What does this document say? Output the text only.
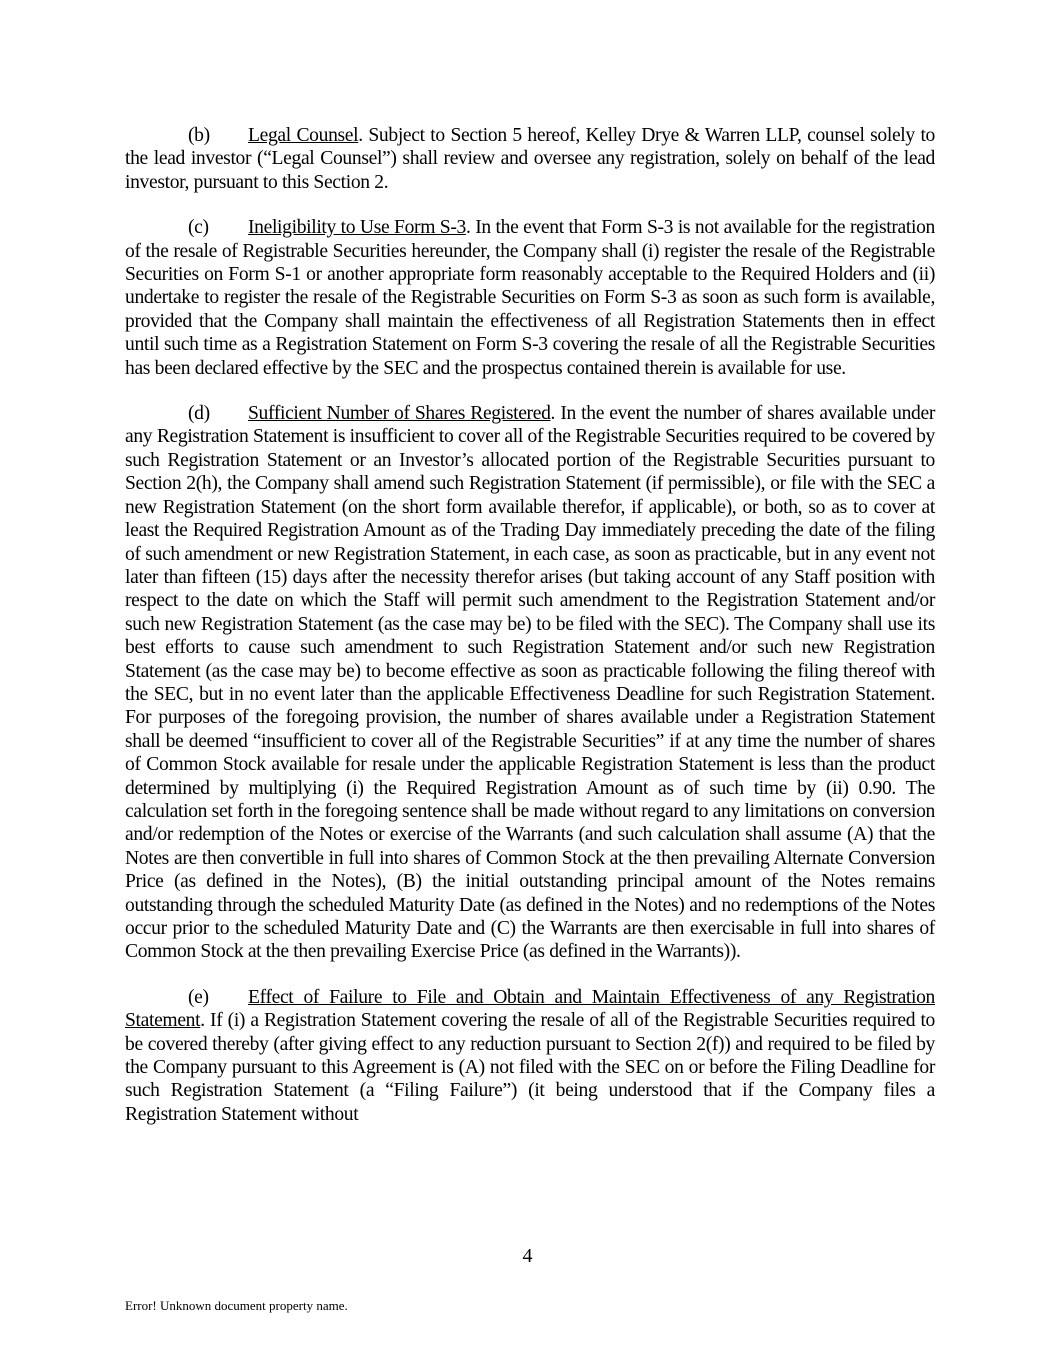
(b) Legal Counsel. Subject to Section 5 hereof, Kelley Drye & Warren LLP, counsel solely to the lead investor (“Legal Counsel”) shall review and oversee any registration, solely on behalf of the lead investor, pursuant to this Section 2.

(c) Ineligibility to Use Form S-3. In the event that Form S-3 is not available for the registration of the resale of Registrable Securities hereunder, the Company shall (i) register the resale of the Registrable Securities on Form S-1 or another appropriate form reasonably acceptable to the Required Holders and (ii) undertake to register the resale of the Registrable Securities on Form S-3 as soon as such form is available, provided that the Company shall maintain the effectiveness of all Registration Statements then in effect until such time as a Registration Statement on Form S-3 covering the resale of all the Registrable Securities has been declared effective by the SEC and the prospectus contained therein is available for use.

(d) Sufficient Number of Shares Registered. In the event the number of shares available under any Registration Statement is insufficient to cover all of the Registrable Securities required to be covered by such Registration Statement or an Investor’s allocated portion of the Registrable Securities pursuant to Section 2(h), the Company shall amend such Registration Statement (if permissible), or file with the SEC a new Registration Statement (on the short form available therefor, if applicable), or both, so as to cover at least the Required Registration Amount as of the Trading Day immediately preceding the date of the filing of such amendment or new Registration Statement, in each case, as soon as practicable, but in any event not later than fifteen (15) days after the necessity therefor arises (but taking account of any Staff position with respect to the date on which the Staff will permit such amendment to the Registration Statement and/or such new Registration Statement (as the case may be) to be filed with the SEC). The Company shall use its best efforts to cause such amendment to such Registration Statement and/or such new Registration Statement (as the case may be) to become effective as soon as practicable following the filing thereof with the SEC, but in no event later than the applicable Effectiveness Deadline for such Registration Statement. For purposes of the foregoing provision, the number of shares available under a Registration Statement shall be deemed “insufficient to cover all of the Registrable Securities” if at any time the number of shares of Common Stock available for resale under the applicable Registration Statement is less than the product determined by multiplying (i) the Required Registration Amount as of such time by (ii) 0.90. The calculation set forth in the foregoing sentence shall be made without regard to any limitations on conversion and/or redemption of the Notes or exercise of the Warrants (and such calculation shall assume (A) that the Notes are then convertible in full into shares of Common Stock at the then prevailing Alternate Conversion Price (as defined in the Notes), (B) the initial outstanding principal amount of the Notes remains outstanding through the scheduled Maturity Date (as defined in the Notes) and no redemptions of the Notes occur prior to the scheduled Maturity Date and (C) the Warrants are then exercisable in full into shares of Common Stock at the then prevailing Exercise Price (as defined in the Warrants)).

(e) Effect of Failure to File and Obtain and Maintain Effectiveness of any Registration Statement. If (i) a Registration Statement covering the resale of all of the Registrable Securities required to be covered thereby (after giving effect to any reduction pursuant to Section 2(f)) and required to be filed by the Company pursuant to this Agreement is (A) not filed with the SEC on or before the Filing Deadline for such Registration Statement (a “Filing Failure”) (it being understood that if the Company files a Registration Statement without

4
Error! Unknown document property name.
